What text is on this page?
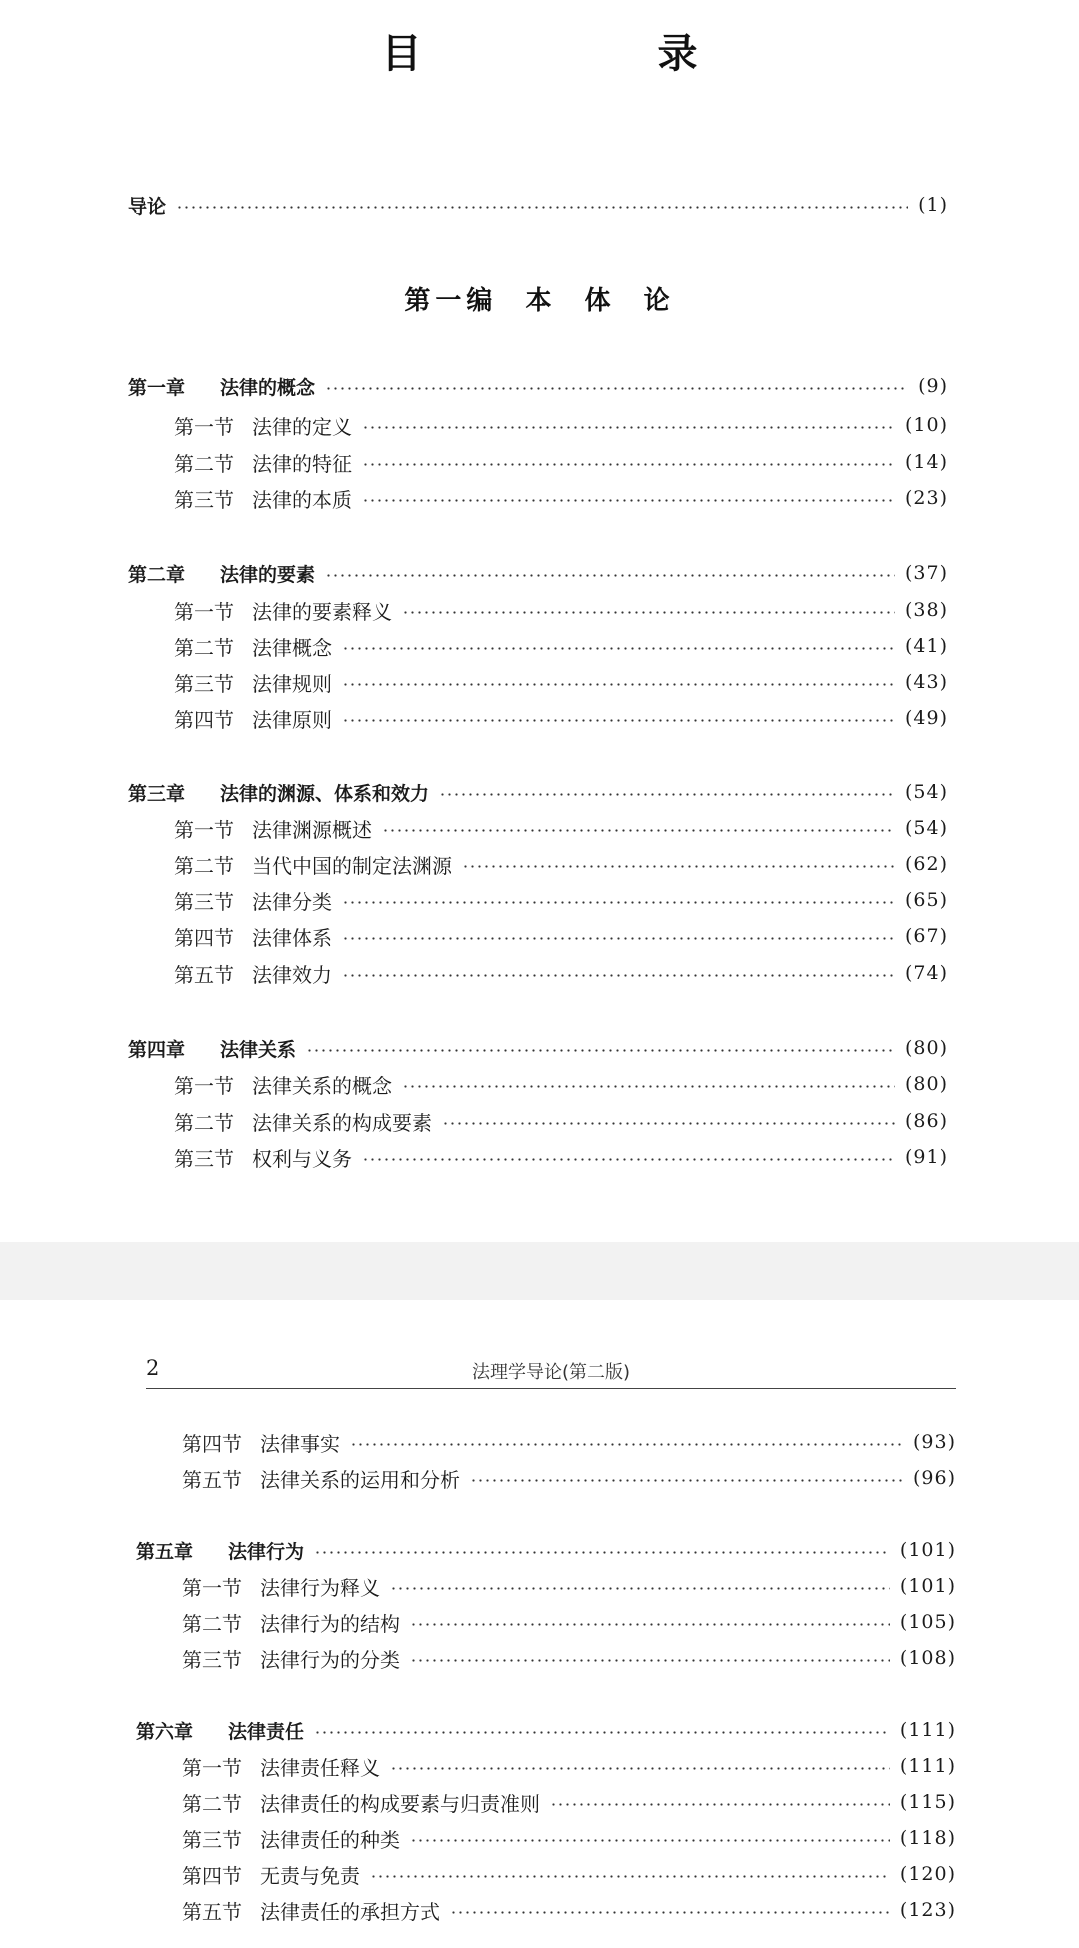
目　　录
导论	(1)
第一编  本  体  论
第一章	法律的概念	(9)
第一节 法律的定义	(10)
第二节 法律的特征	(14)
第三节 法律的本质	(23)
第二章	法律的要素	(37)
第一节 法律的要素释义	(38)
第二节 法律概念	(41)
第三节 法律规则	(43)
第四节 法律原则	(49)
第三章	法律的渊源、体系和效力	(54)
第一节 法律渊源概述	(54)
第二节 当代中国的制定法渊源	(62)
第三节 法律分类	(65)
第四节 法律体系	(67)
第五节 法律效力	(74)
第四章	法律关系	(80)
第一节 法律关系的概念	(80)
第二节 法律关系的构成要素	(86)
第三节 权利与义务	(91)
2	法理学导论(第二版)
第四节 法律事实	(93)
第五节 法律关系的运用和分析	(96)
第五章	法律行为	(101)
第一节 法律行为释义	(101)
第二节 法律行为的结构	(105)
第三节 法律行为的分类	(108)
第六章	法律责任	(111)
第一节 法律责任释义	(111)
第二节 法律责任的构成要素与归责准则	(115)
第三节 法律责任的种类	(118)
第四节 无责与免责	(120)
第五节 法律责任的承担方式	(123)
